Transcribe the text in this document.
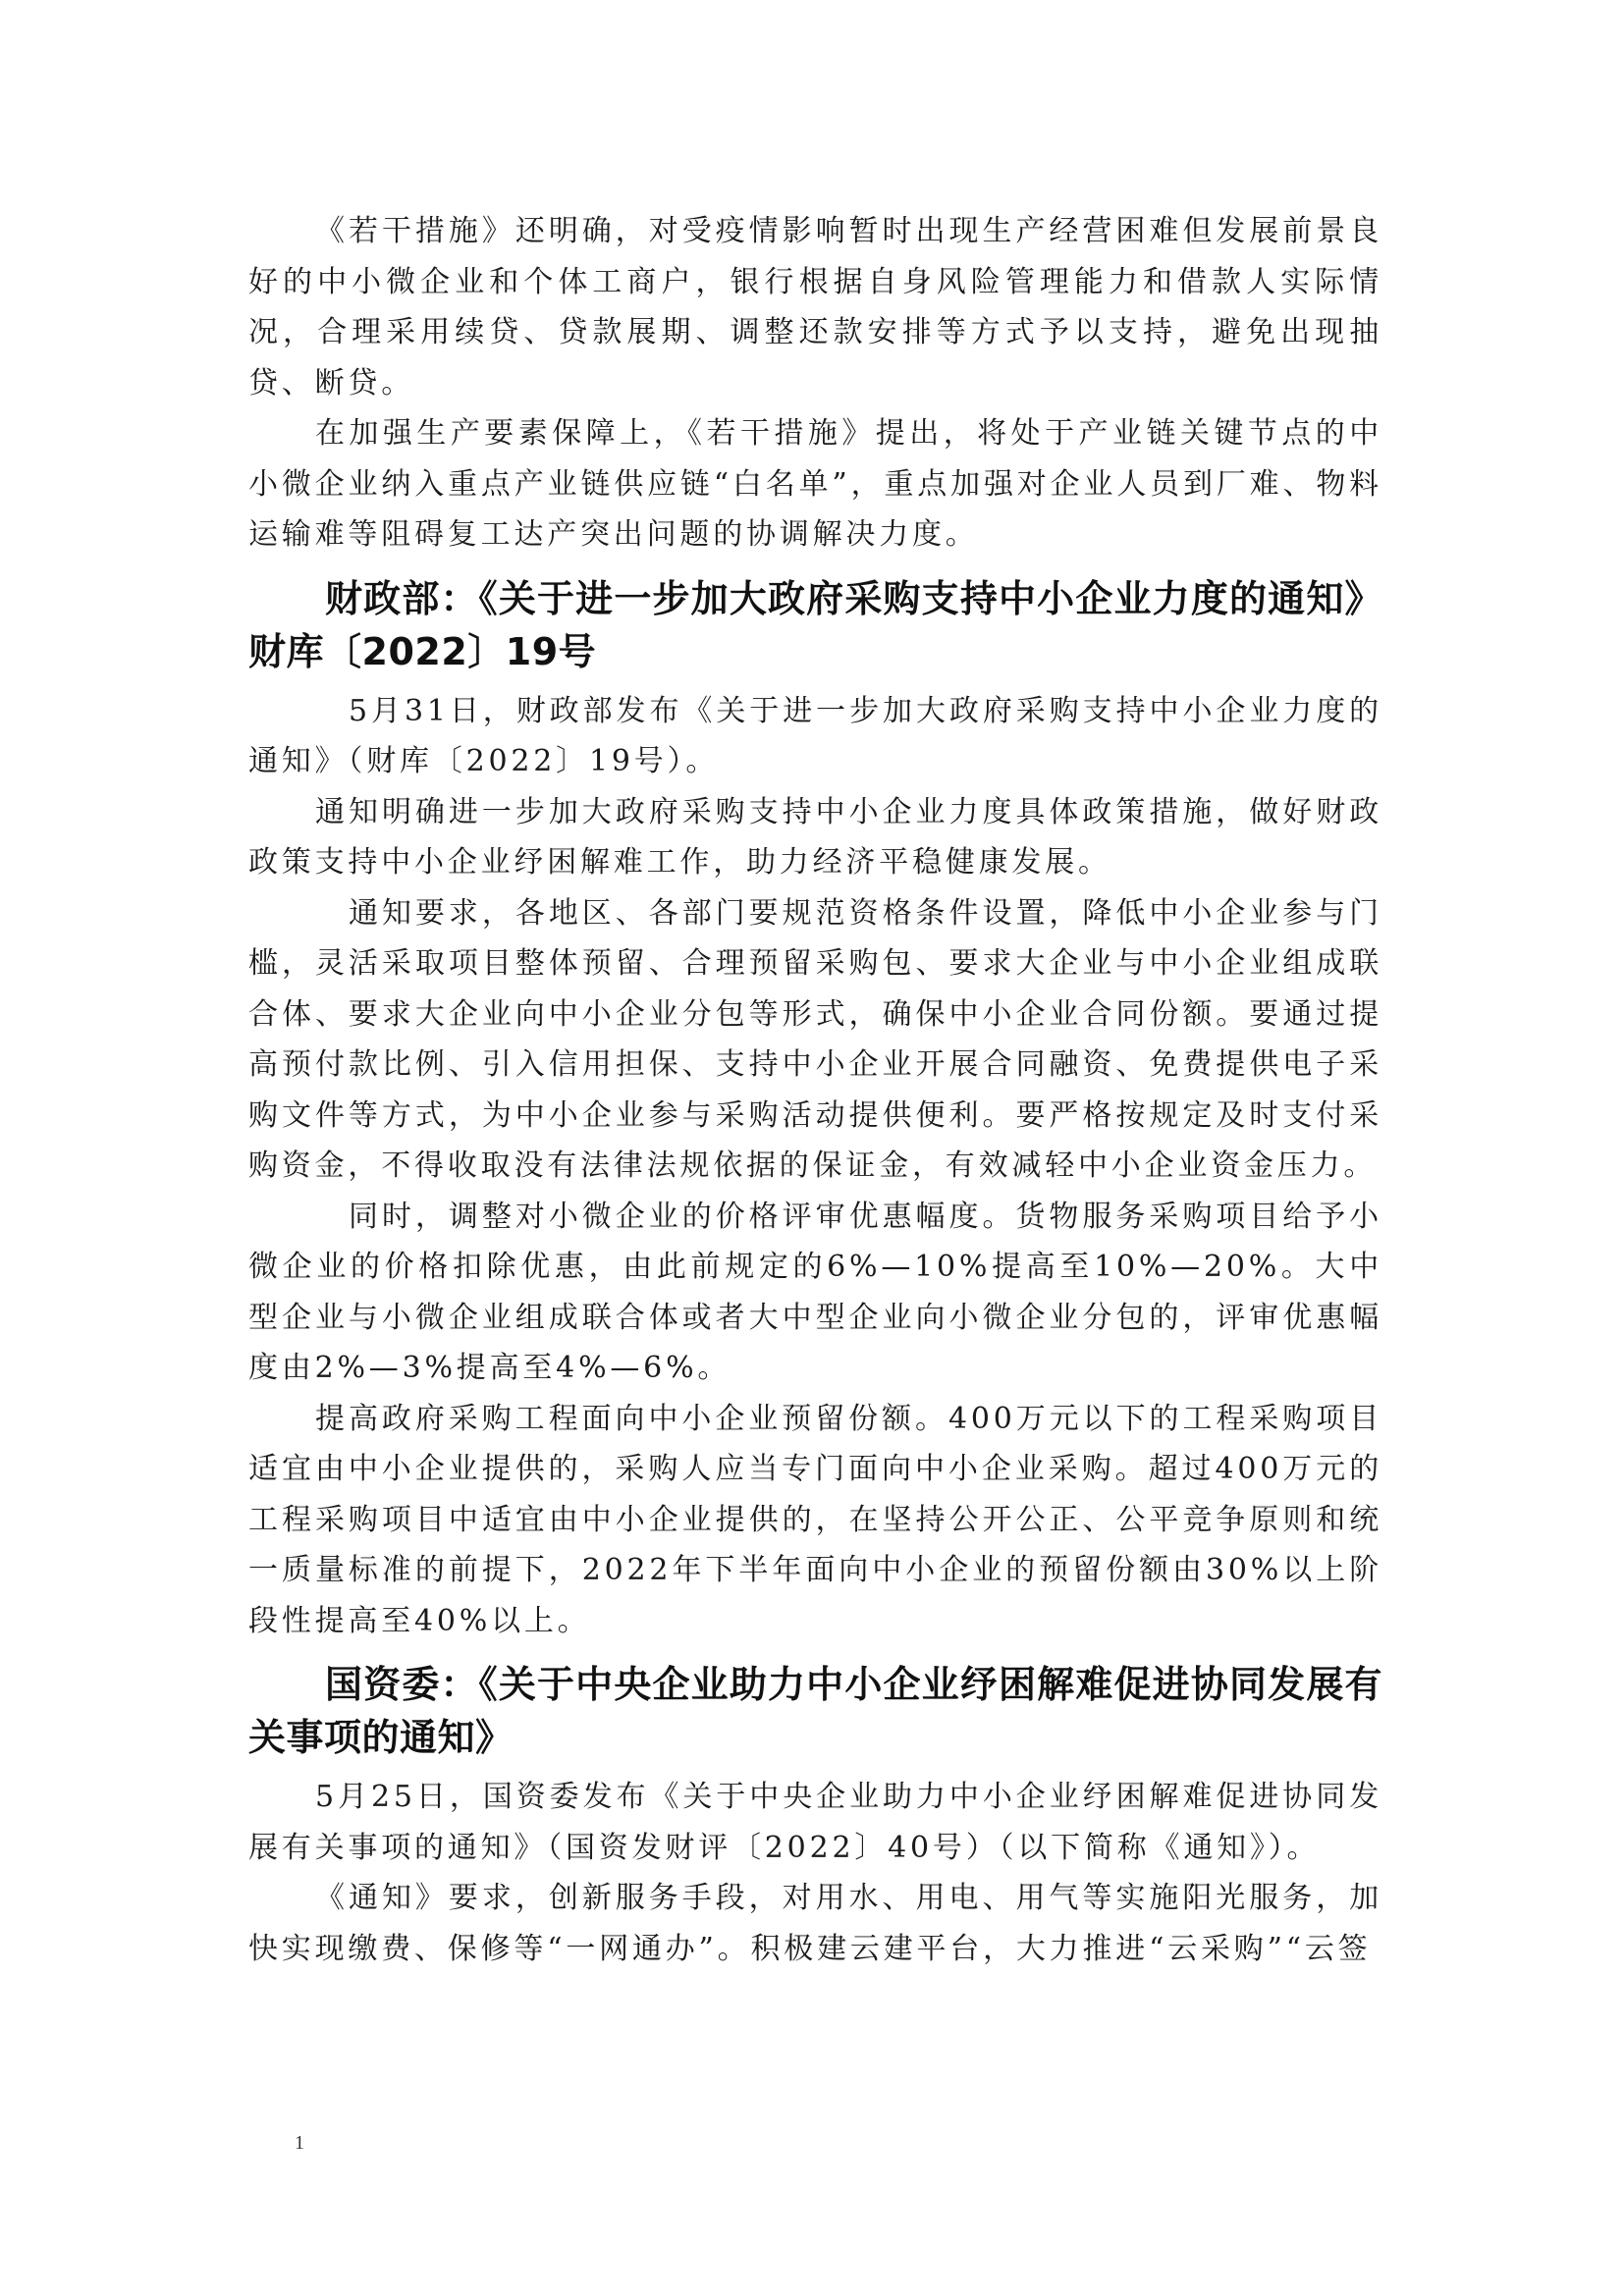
《若干措施》还明确，对受疫情影响暂时出现生产经营困难但发展前景良好的中小微企业和个体工商户，银行根据自身风险管理能力和借款人实际情况，合理采用续贷、贷款展期、调整还款安排等方式予以支持，避免出现抽贷、断贷。

在加强生产要素保障上，《若干措施》提出，将处于产业链关键节点的中小微企业纳入重点产业链供应链“白名单”，重点加强对企业人员到厂难、物料运输难等阻碍复工达产突出问题的协调解决力度。

财政部：《关于进一步加大政府采购支持中小企业力度的通知》财库〔2022〕19号

5月31日，财政部发布《关于进一步加大政府采购支持中小企业力度的通知》（财库〔2022〕19号）。

通知明确进一步加大政府采购支持中小企业力度具体政策措施，做好财政政策支持中小企业纾困解难工作，助力经济平稳健康发展。

通知要求，各地区、各部门要规范资格条件设置，降低中小企业参与门槛，灵活采取项目整体预留、合理预留采购包、要求大企业与中小企业组成联合体、要求大企业向中小企业分包等形式，确保中小企业合同份额。要通过提高预付款比例、引入信用担保、支持中小企业开展合同融资、免费提供电子采购文件等方式，为中小企业参与采购活动提供便利。要严格按规定及时支付采购资金，不得收取没有法律法规依据的保证金，有效减轻中小企业资金压力。

同时，调整对小微企业的价格评审优惠幅度。货物服务采购项目给予小微企业的价格扣除优惠，由此前规定的6%—10%提高至10%—20%。大中型企业与小微企业组成联合体或者大中型企业向小微企业分包的，评审优惠幅度由2%—3%提高至4%—6%。

提高政府采购工程面向中小企业预留份额。400万元以下的工程采购项目适宜由中小企业提供的，采购人应当专门面向中小企业采购。超过400万元的工程采购项目中适宜由中小企业提供的，在坚持公开公正、公平竞争原则和统一质量标准的前提下，2022年下半年面向中小企业的预留份额由30%以上阶段性提高至40%以上。

国资委：《关于中央企业助力中小企业纾困解难促进协同发展有关事项的通知》

5月25日，国资委发布《关于中央企业助力中小企业纾困解难促进协同发展有关事项的通知》（国资发财评〔2022〕40号）（以下简称《通知》）。

《通知》要求，创新服务手段，对用水、用电、用气等实施阳光服务，加快实现缴费、保修等“一网通办”。积极建云建平台，大力推进“云采购”“云签

1
